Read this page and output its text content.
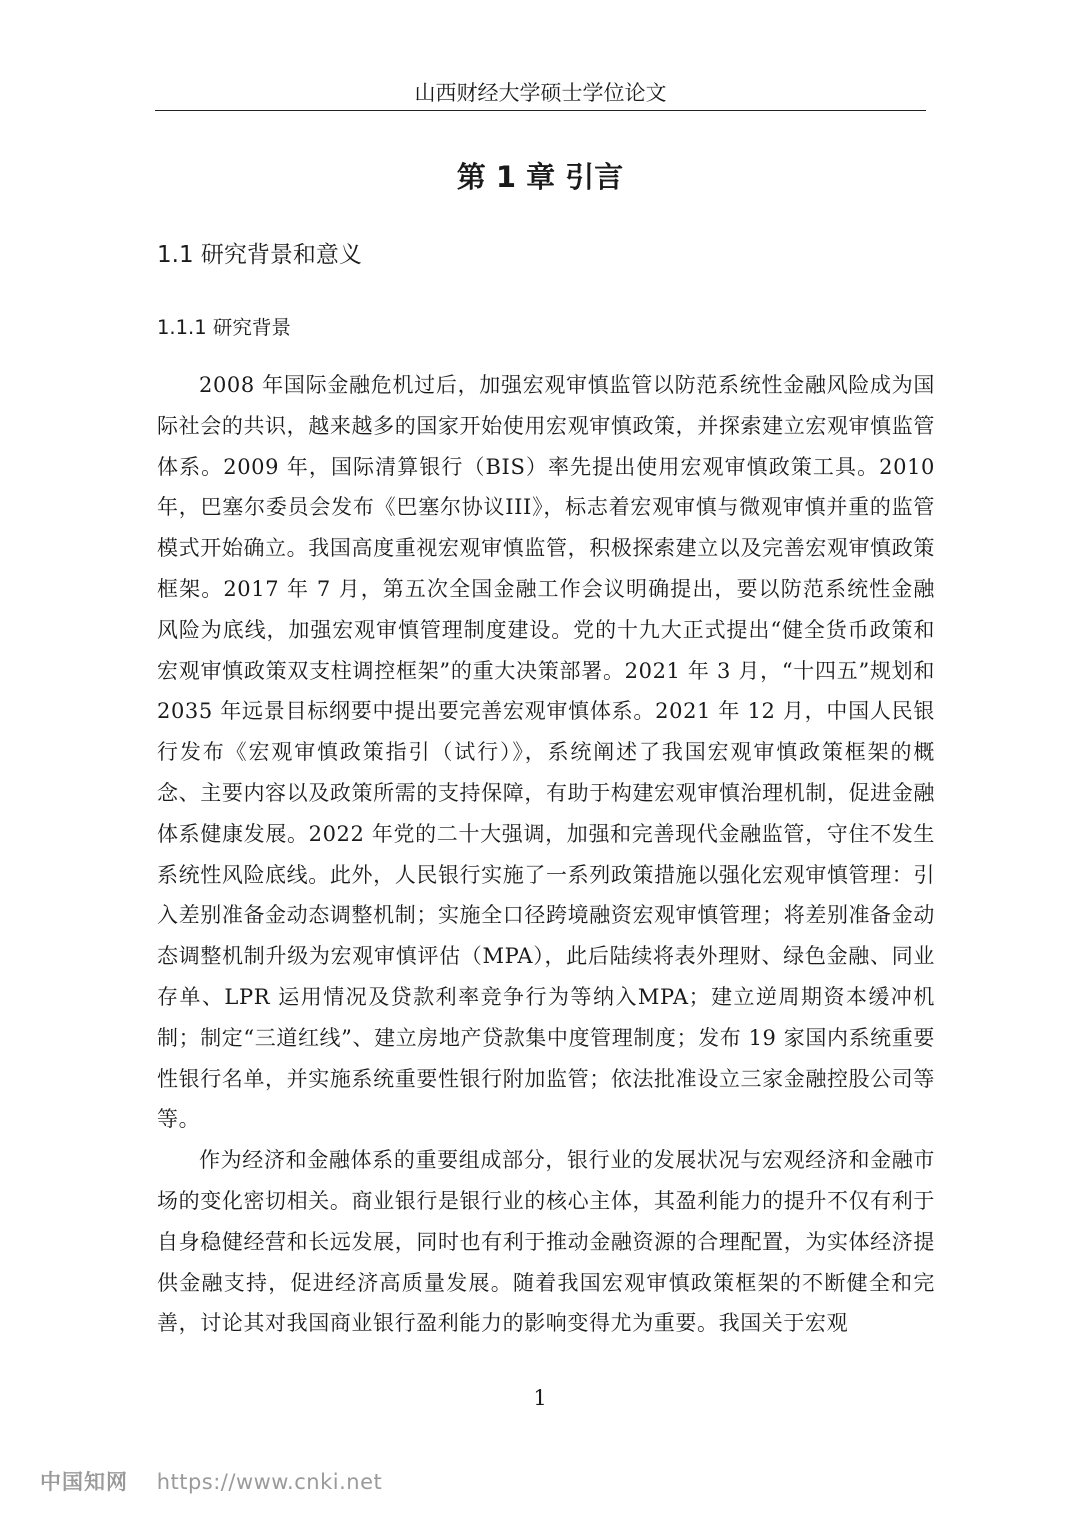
山西财经大学硕士学位论文
第 1 章 引言
1.1 研究背景和意义
1.1.1 研究背景

2008 年国际金融危机过后，加强宏观审慎监管以防范系统性金融风险成为国际社会的共识，越来越多的国家开始使用宏观审慎政策，并探索建立宏观审慎监管体系。2009 年，国际清算银行（BIS）率先提出使用宏观审慎政策工具。2010 年，巴塞尔委员会发布《巴塞尔协议III》，标志着宏观审慎与微观审慎并重的监管模式开始确立。我国高度重视宏观审慎监管，积极探索建立以及完善宏观审慎政策框架。2017 年 7 月，第五次全国金融工作会议明确提出，要以防范系统性金融风险为底线，加强宏观审慎管理制度建设。党的十九大正式提出“健全货币政策和宏观审慎政策双支柱调控框架”的重大决策部署。2021 年 3 月，“十四五”规划和 2035 年远景目标纲要中提出要完善宏观审慎体系。2021 年 12 月，中国人民银行发布《宏观审慎政策指引（试行）》，系统阐述了我国宏观审慎政策框架的概念、主要内容以及政策所需的支持保障，有助于构建宏观审慎治理机制，促进金融体系健康发展。2022 年党的二十大强调，加强和完善现代金融监管，守住不发生系统性风险底线。此外，人民银行实施了一系列政策措施以强化宏观审慎管理：引入差别准备金动态调整机制；实施全口径跨境融资宏观审慎管理；将差别准备金动态调整机制升级为宏观审慎评估（MPA），此后陆续将表外理财、绿色金融、同业存单、LPR 运用情况及贷款利率竞争行为等纳入MPA；建立逆周期资本缓冲机制；制定“三道红线”、建立房地产贷款集中度管理制度；发布 19 家国内系统重要性银行名单，并实施系统重要性银行附加监管；依法批准设立三家金融控股公司等等。

作为经济和金融体系的重要组成部分，银行业的发展状况与宏观经济和金融市场的变化密切相关。商业银行是银行业的核心主体，其盈利能力的提升不仅有利于自身稳健经营和长远发展，同时也有利于推动金融资源的合理配置，为实体经济提供金融支持，促进经济高质量发展。随着我国宏观审慎政策框架的不断健全和完善，讨论其对我国商业银行盈利能力的影响变得尤为重要。我国关于宏观

1
中国知网 https://www.cnki.net
